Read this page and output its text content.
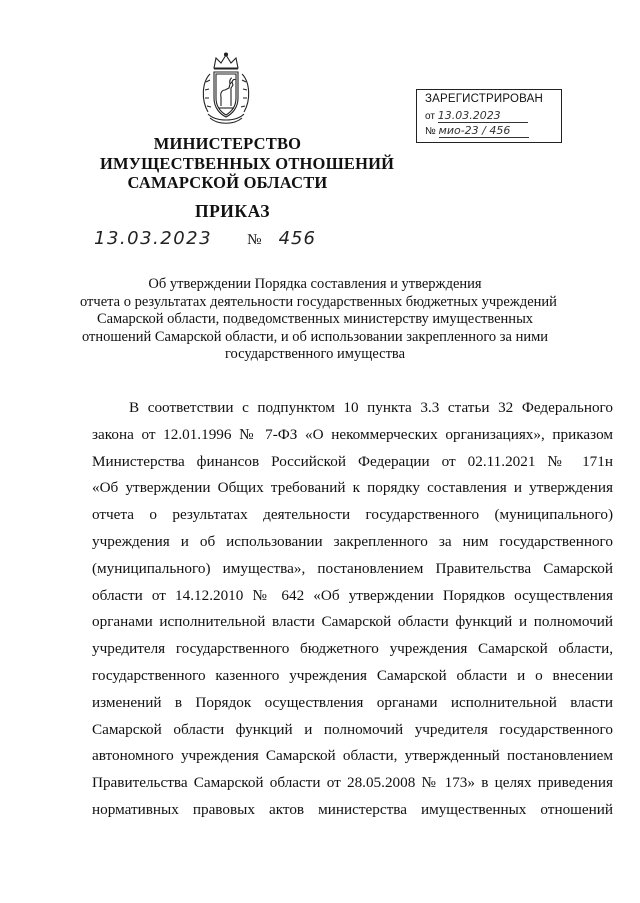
МИНИСТЕРСТВО
ИМУЩЕСТВЕННЫХ ОТНОШЕНИЙ
САМАРСКОЙ ОБЛАСТИ
ЗАРЕГИСТРИРОВАН
от 13.03.2023
№ мио-23 / 456
ПРИКАЗ
13.03.2023 № 456
Об утверждении Порядка составления и утверждения
отчета о результатах деятельности государственных бюджетных учреждений
Самарской области, подведомственных министерству имущественных
отношений Самарской области, и об использовании закрепленного за ними
государственного имущества
В соответствии с подпунктом 10 пункта 3.3 статьи 32 Федерального
закона от 12.01.1996 № 7-ФЗ «О некоммерческих организациях», приказом
Министерства финансов Российской Федерации от 02.11.2021 № 171н
«Об утверждении Общих требований к порядку составления и утверждения
отчета о результатах деятельности государственного (муниципального)
учреждения и об использовании закрепленного за ним государственного
(муниципального) имущества», постановлением Правительства Самарской
области от 14.12.2010 № 642 «Об утверждении Порядков осуществления
органами исполнительной власти Самарской области функций и полномочий
учредителя государственного бюджетного учреждения Самарской области,
государственного казенного учреждения Самарской области и о внесении
изменений в Порядок осуществления органами исполнительной власти
Самарской области функций и полномочий учредителя государственного
автономного учреждения Самарской области, утвержденный постановлением
Правительства Самарской области от 28.05.2008 № 173» в целях приведения
нормативных правовых актов министерства имущественных отношений
